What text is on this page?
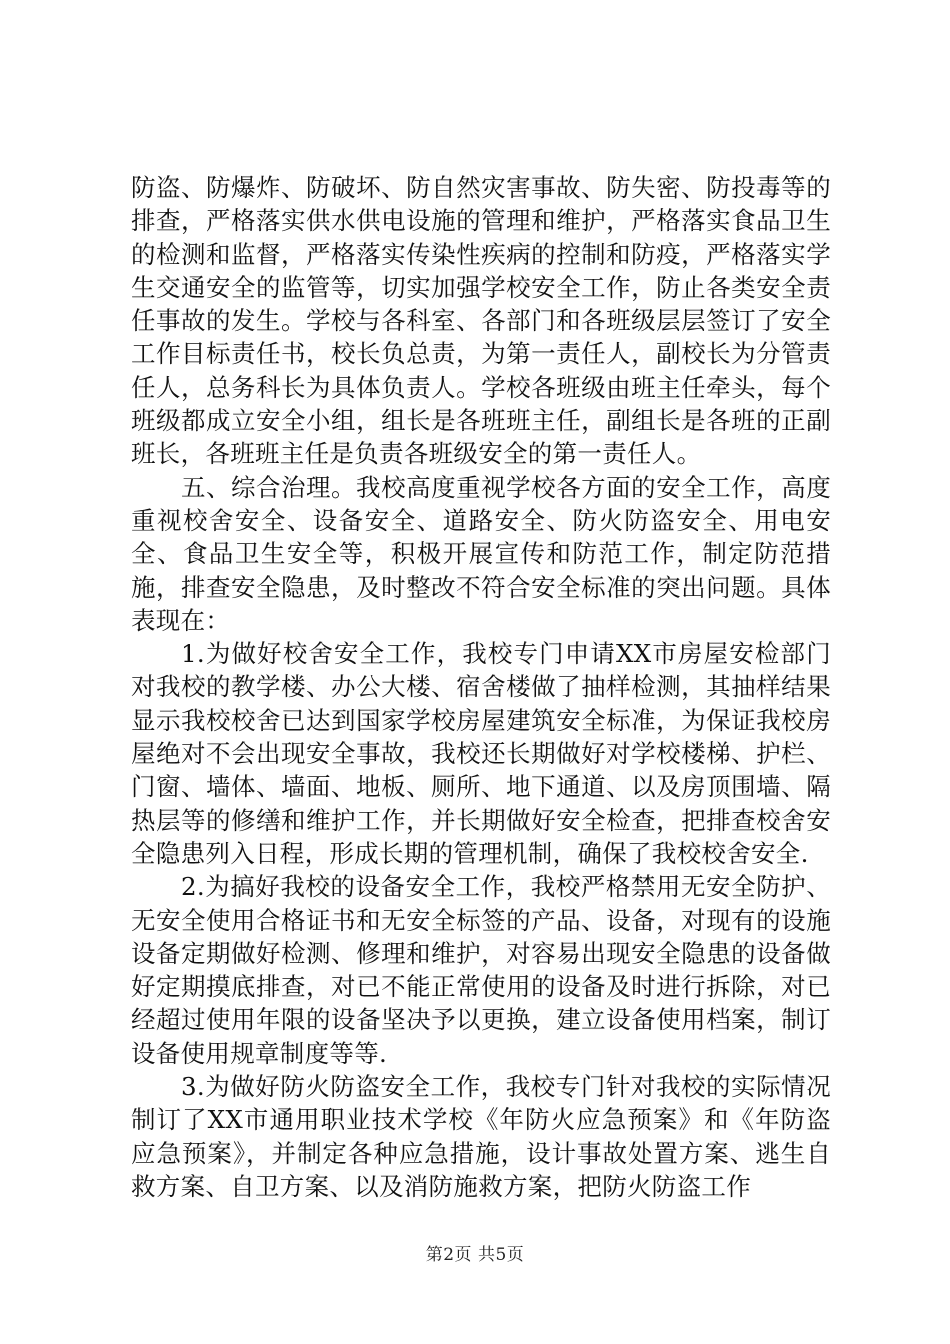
防盗、防爆炸、防破坏、防自然灾害事故、防失密、防投毒等的排查，严格落实供水供电设施的管理和维护，严格落实食品卫生的检测和监督，严格落实传染性疾病的控制和防疫，严格落实学生交通安全的监管等，切实加强学校安全工作，防止各类安全责任事故的发生。学校与各科室、各部门和各班级层层签订了安全工作目标责任书，校长负总责，为第一责任人，副校长为分管责任人，总务科长为具体负责人。学校各班级由班主任牵头，每个班级都成立安全小组，组长是各班班主任，副组长是各班的正副班长，各班班主任是负责各班级安全的第一责任人。

五、综合治理。我校高度重视学校各方面的安全工作，高度重视校舍安全、设备安全、道路安全、防火防盗安全、用电安全、食品卫生安全等，积极开展宣传和防范工作，制定防范措施，排查安全隐患，及时整改不符合安全标准的突出问题。具体表现在：

1.为做好校舍安全工作，我校专门申请XX市房屋安检部门对我校的教学楼、办公大楼、宿舍楼做了抽样检测，其抽样结果显示我校校舍已达到国家学校房屋建筑安全标准，为保证我校房屋绝对不会出现安全事故，我校还长期做好对学校楼梯、护栏、门窗、墙体、墙面、地板、厕所、地下通道、以及房顶围墙、隔热层等的修缮和维护工作，并长期做好安全检查，把排查校舍安全隐患列入日程，形成长期的管理机制，确保了我校校舍安全.

2.为搞好我校的设备安全工作，我校严格禁用无安全防护、无安全使用合格证书和无安全标签的产品、设备，对现有的设施设备定期做好检测、修理和维护，对容易出现安全隐患的设备做好定期摸底排查，对已不能正常使用的设备及时进行拆除，对已经超过使用年限的设备坚决予以更换，建立设备使用档案，制订设备使用规章制度等等.

3.为做好防火防盗安全工作，我校专门针对我校的实际情况制订了XX市通用职业技术学校《年防火应急预案》和《年防盗应急预案》，并制定各种应急措施，设计事故处置方案、逃生自救方案、自卫方案、以及消防施救方案，把防火防盗工作

第2页 共5页
